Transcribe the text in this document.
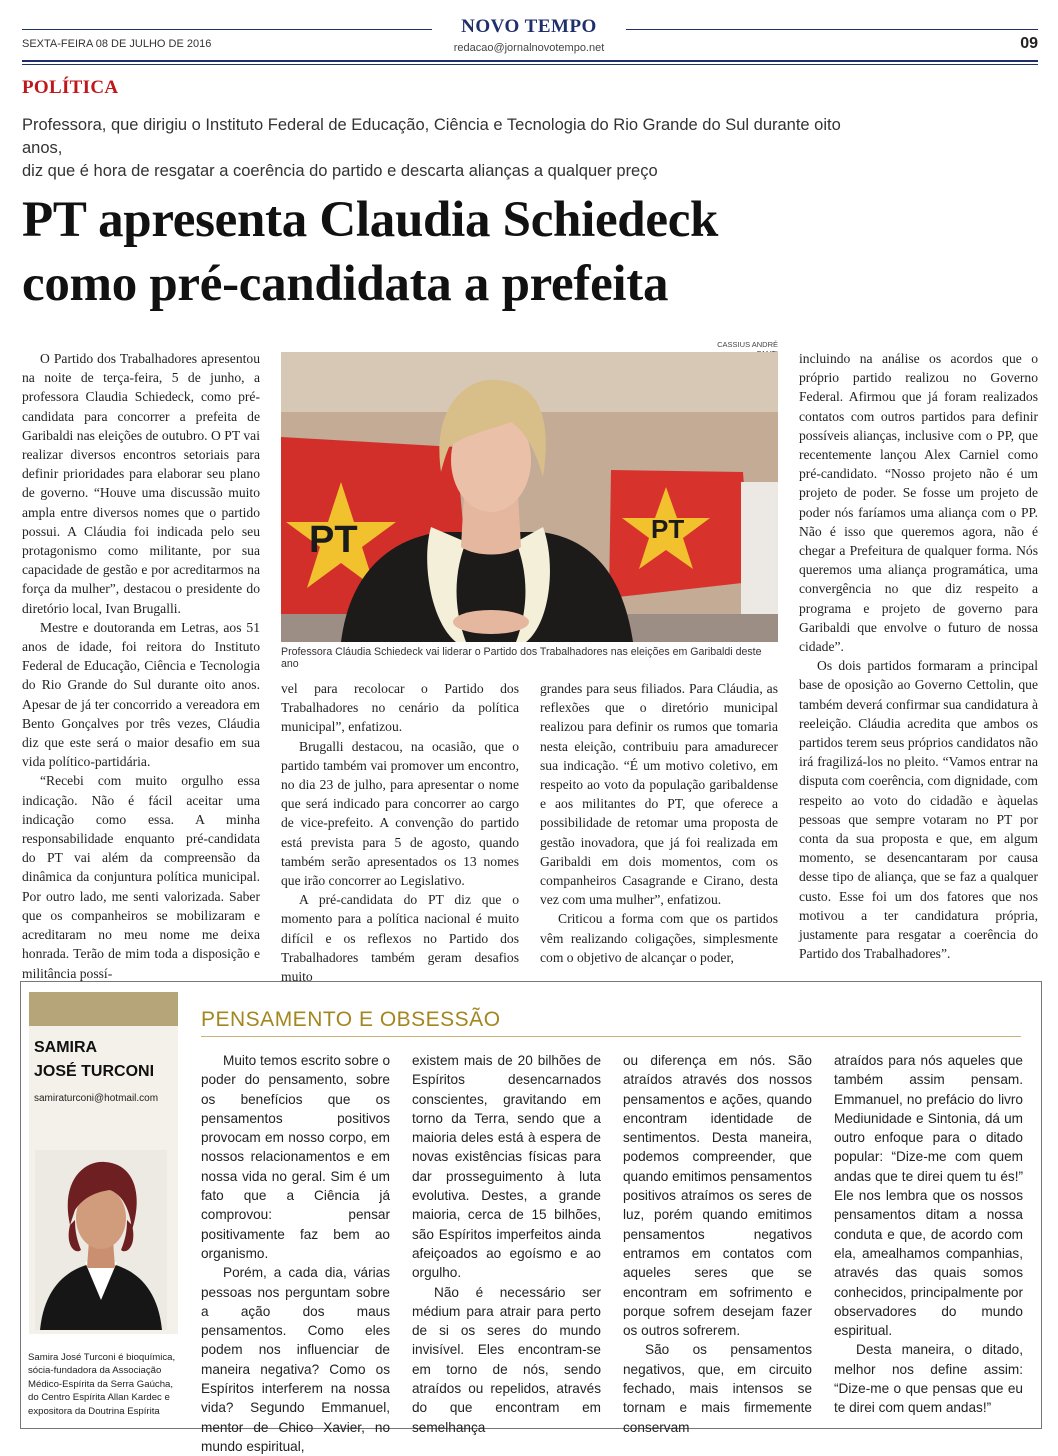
NOVO TEMPO
SEXTA-FEIRA 08 DE JULHO DE 2016	redacao@jornalnovotempo.net	09
POLÍTICA
Professora, que dirigiu o Instituto Federal de Educação, Ciência e Tecnologia do Rio Grande do Sul durante oito anos,
diz que é hora de resgatar a coerência do partido e descarta alianças a qualquer preço
PT apresenta Claudia Schiedeck
como pré-candidata a prefeita

O Partido dos Trabalhadores apresentou na noite de terça-feira, 5 de junho, a professora Claudia Schiedeck, como pré-candidata para concorrer a prefeita de Garibaldi nas eleições de outubro. O PT vai realizar diversos encontros setoriais para definir prioridades para elaborar seu plano de governo. “Houve uma discussão muito ampla entre diversos nomes que o partido possui. A Cláudia foi indicada pelo seu protagonismo como militante, por sua capacidade de gestão e por acreditarmos na força da mulher”, destacou o presidente do diretório local, Ivan Brugalli.

Mestre e doutoranda em Letras, aos 51 anos de idade, foi reitora do Instituto Federal de Educação, Ciência e Tecnologia do Rio Grande do Sul durante oito anos. Apesar de já ter concorrido a vereadora em Bento Gonçalves por três vezes, Cláudia diz que este será o maior desafio em sua vida político-partidária.

“Recebi com muito orgulho essa indicação. Não é fácil aceitar uma indicação como essa. A minha responsabilidade enquanto pré-candidata do PT vai além da compreensão da dinâmica da conjuntura política municipal. Por outro lado, me senti valorizada. Saber que os companheiros se mobilizaram e acreditaram no meu nome me deixa honrada. Terão de mim toda a disposição e militância possí-

CASSIUS ANDRÉ
PT	PT
Professora Cláudia Schiedeck vai liderar o Partido dos Trabalhadores nas eleições em Garibaldi deste ano

vel para recolocar o Partido dos Trabalhadores no cenário da política municipal”, enfatizou.

Brugalli destacou, na ocasião, que o partido também vai promover um encontro, no dia 23 de julho, para apresentar o nome que será indicado para concorrer ao cargo de vice-prefeito. A convenção do partido está prevista para 5 de agosto, quando também serão apresentados os 13 nomes que irão concorrer ao Legislativo.

A pré-candidata do PT diz que o momento para a política nacional é muito difícil e os reflexos no Partido dos Trabalhadores também geram desafios muito

grandes para seus filiados. Para Cláudia, as reflexões que o diretório municipal realizou para definir os rumos que tomaria nesta eleição, contribuiu para amadurecer sua indicação. “É um motivo coletivo, em respeito ao voto da população garibaldense e aos militantes do PT, que oferece a possibilidade de retomar uma proposta de gestão inovadora, que já foi realizada em Garibaldi em dois momentos, com os companheiros Casagrande e Cirano, desta vez com uma mulher”, enfatizou.

Criticou a forma com que os partidos vêm realizando coligações, simplesmente com o objetivo de alcançar o poder,

incluindo na análise os acordos que o próprio partido realizou no Governo Federal. Afirmou que já foram realizados contatos com outros partidos para definir possíveis alianças, inclusive com o PP, que recentemente lançou Alex Carniel como pré-candidato. “Nosso projeto não é um projeto de poder. Se fosse um projeto de poder nós faríamos uma aliança com o PP. Não é isso que queremos agora, não é chegar a Prefeitura de qualquer forma. Nós queremos uma aliança programática, uma convergência no que diz respeito a programa e projeto de governo para Garibaldi que envolve o futuro de nossa cidade”.

Os dois partidos formaram a principal base de oposição ao Governo Cettolin, que também deverá confirmar sua candidatura à reeleição. Cláudia acredita que ambos os partidos terem seus próprios candidatos não irá fragilizá-los no pleito. “Vamos entrar na disputa com coerência, com dignidade, com respeito ao voto do cidadão e àquelas pessoas que sempre votaram no PT por conta da sua proposta e que, em algum momento, se desencantaram por causa desse tipo de aliança, que se faz a qualquer custo. Esse foi um dos fatores que nos motivou a ter candidatura própria, justamente para resgatar a coerência do Partido dos Trabalhadores”.

SAMIRA
JOSÉ TURCONI
samiraturconi@hotmail.com
Samira José Turconi é bioquímica, sócia-fundadora da Associação Médico-Espírita da Serra Gaúcha, do Centro Espírita Allan Kardec e expositora da Doutrina Espírita
PENSAMENTO E OBSESSÃO

Muito temos escrito sobre o poder do pensamento, sobre os benefícios que os pensamentos positivos provocam em nosso corpo, em nossos relacionamentos e em nossa vida no geral. Sim é um fato que a Ciência já comprovou: pensar positivamente faz bem ao organismo.

Porém, a cada dia, várias pessoas nos perguntam sobre a ação dos maus pensamentos. Como eles podem nos influenciar de maneira negativa? Como os Espíritos interferem na nossa vida? Segundo Emmanuel, mentor de Chico Xavier, no mundo espiritual,

existem mais de 20 bilhões de Espíritos desencarnados conscientes, gravitando em torno da Terra, sendo que a maioria deles está à espera de novas existências físicas para dar prosseguimento à luta evolutiva. Destes, a grande maioria, cerca de 15 bilhões, são Espíritos imperfeitos ainda afeiçoados ao egoísmo e ao orgulho.

Não é necessário ser médium para atrair para perto de si os seres do mundo invisível. Eles encontram-se em torno de nós, sendo atraídos ou repelidos, através do que encontram em semelhança

ou diferença em nós. São atraídos através dos nossos pensamentos e ações, quando encontram identidade de sentimentos. Desta maneira, podemos compreender, que quando emitimos pensamentos positivos atraímos os seres de luz, porém quando emitimos pensamentos negativos entramos em contatos com aqueles seres que se encontram em sofrimento e porque sofrem desejam fazer os outros sofrerem.

São os pensamentos negativos, que, em circuito fechado, mais intensos se tornam e mais firmemente conservam

atraídos para nós aqueles que também assim pensam. Emmanuel, no prefácio do livro Mediunidade e Sintonia, dá um outro enfoque para o ditado popular: “Dize-me com quem andas que te direi quem tu és!” Ele nos lembra que os nossos pensamentos ditam a nossa conduta e que, de acordo com ela, amealhamos companhias, através das quais somos conhecidos, principalmente por observadores do mundo espiritual.

Desta maneira, o ditado, melhor nos define assim: “Dize-me o que pensas que eu te direi com quem andas!”
